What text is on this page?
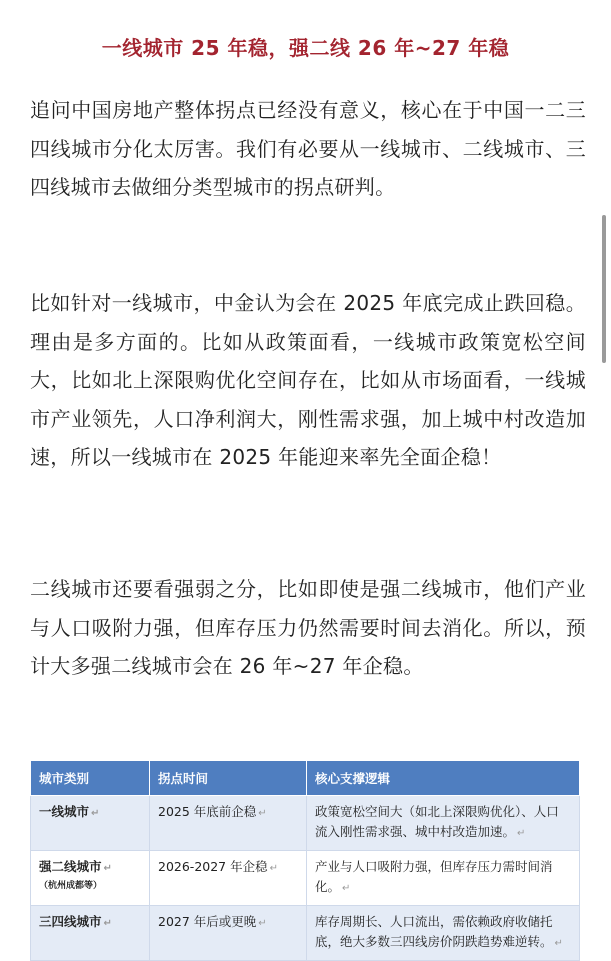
一线城市 25 年稳，强二线 26 年~27 年稳
追问中国房地产整体拐点已经没有意义，核心在于中国一二三四线城市分化太厉害。我们有必要从一线城市、二线城市、三四线城市去做细分类型城市的拐点研判。
比如针对一线城市，中金认为会在 2025 年底完成止跌回稳。理由是多方面的。比如从政策面看，一线城市政策宽松空间大，比如北上深限购优化空间存在，比如从市场面看，一线城市产业领先，人口净利润大，刚性需求强，加上城中村改造加速，所以一线城市在 2025 年能迎来率先全面企稳！
二线城市还要看强弱之分，比如即使是强二线城市，他们产业与人口吸附力强，但库存压力仍然需要时间去消化。所以，预计大多强二线城市会在 26 年~27 年企稳。
城市类别	拐点时间	核心支撑逻辑
一线城市 ↵	2025 年底前企稳 ↵	政策宽松空间大（如北上深限购优化）、人口流入刚性需求强、城中村改造加速。 ↵
强二线城市 ↵
（杭州成都等）	2026-2027 年企稳 ↵	产业与人口吸附力强，但库存压力需时间消化。 ↵
三四线城市 ↵	2027 年后或更晚 ↵	库存周期长、人口流出，需依赖政府收储托底，绝大多数三四线房价阴跌趋势难逆转。 ↵
